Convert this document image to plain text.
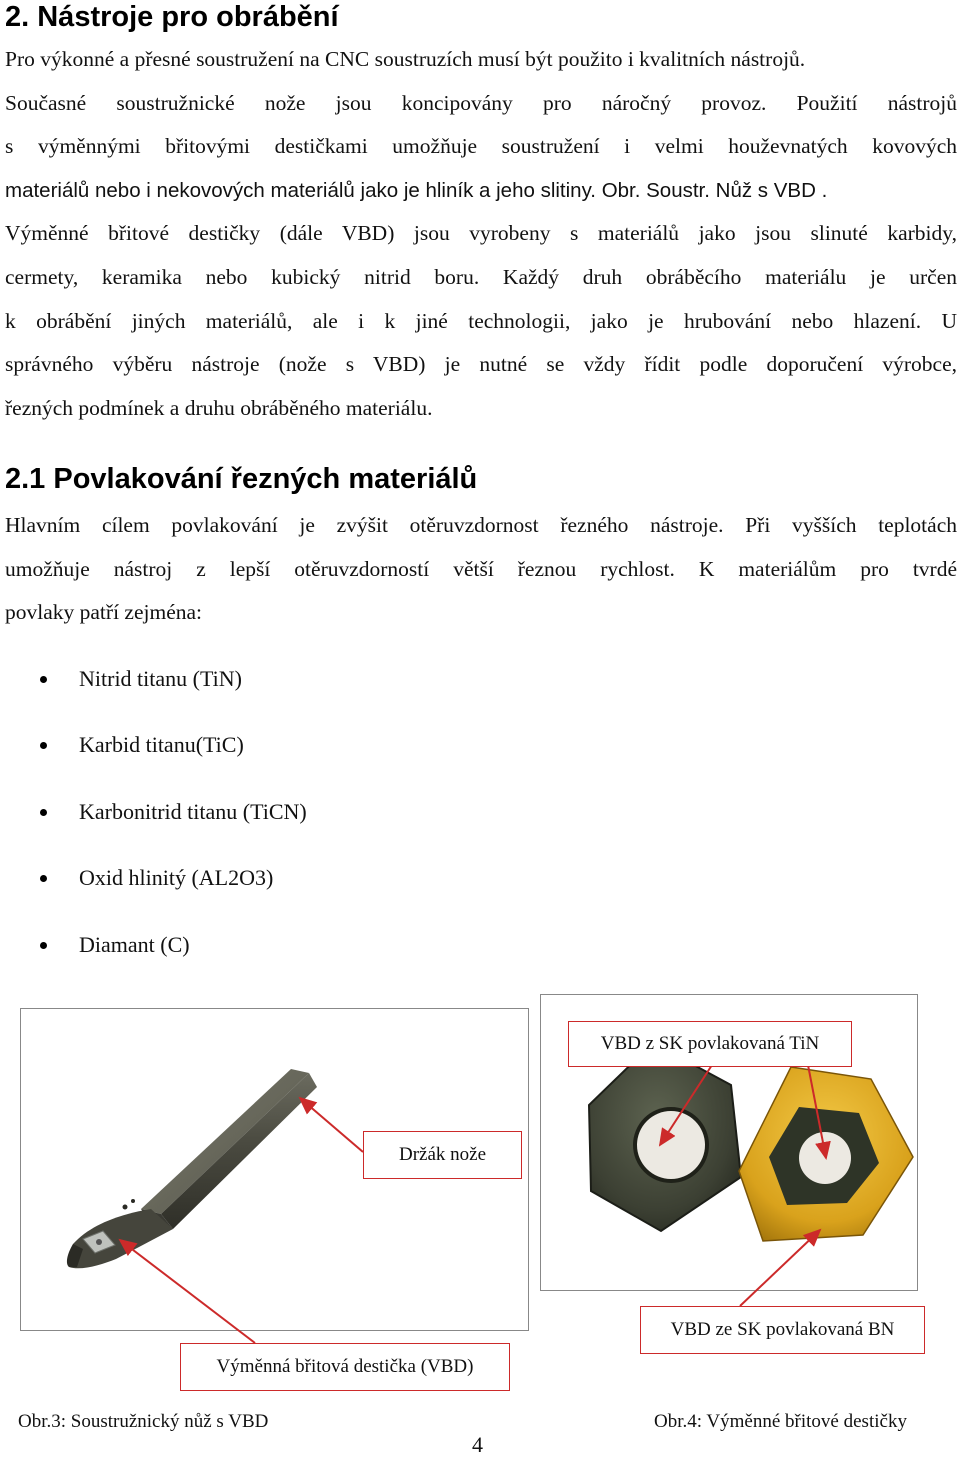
2. Nástroje pro obrábění
Pro výkonné a přesné soustružení na CNC soustruzích musí být použito i kvalitních nástrojů.
Současné soustružnické nože jsou koncipovány pro náročný provoz. Použití nástrojů
s výměnnými břitovými destičkami umožňuje soustružení i velmi houževnatých kovových
materiálů nebo i nekovových materiálů jako je hliník a jeho slitiny. Obr. Soustr. Nůž s VBD .
Výměnné břitové destičky (dále VBD) jsou vyrobeny s materiálů jako jsou slinuté karbidy,
cermety, keramika nebo kubický nitrid boru. Každý druh obráběcího materiálu je určen
k obrábění jiných materiálů, ale i k jiné technologii, jako je hrubování nebo hlazení. U
správného výběru nástroje (nože s VBD) je nutné se vždy řídit podle doporučení výrobce,
řezných podmínek a druhu obráběného materiálu.
2.1 Povlakování řezných materiálů
Hlavním cílem povlakování je zvýšit otěruvzdornost řezného nástroje. Při vyšších teplotách
umožňuje nástroj z lepší otěruvzdorností větší řeznou rychlost. K materiálům pro tvrdé
povlaky patří zejména:
Nitrid titanu (TiN)
Karbid titanu(TiC)
Karbonitrid titanu (TiCN)
Oxid hlinitý (AL2O3)
Diamant (C)
VBD z SK povlakovaná TiN
Držák nože
VBD ze SK povlakovaná BN
Výměnná břitová destička (VBD)
Obr.3: Soustružnický nůž s VBD	Obr.4: Výměnné břitové destičky
4
